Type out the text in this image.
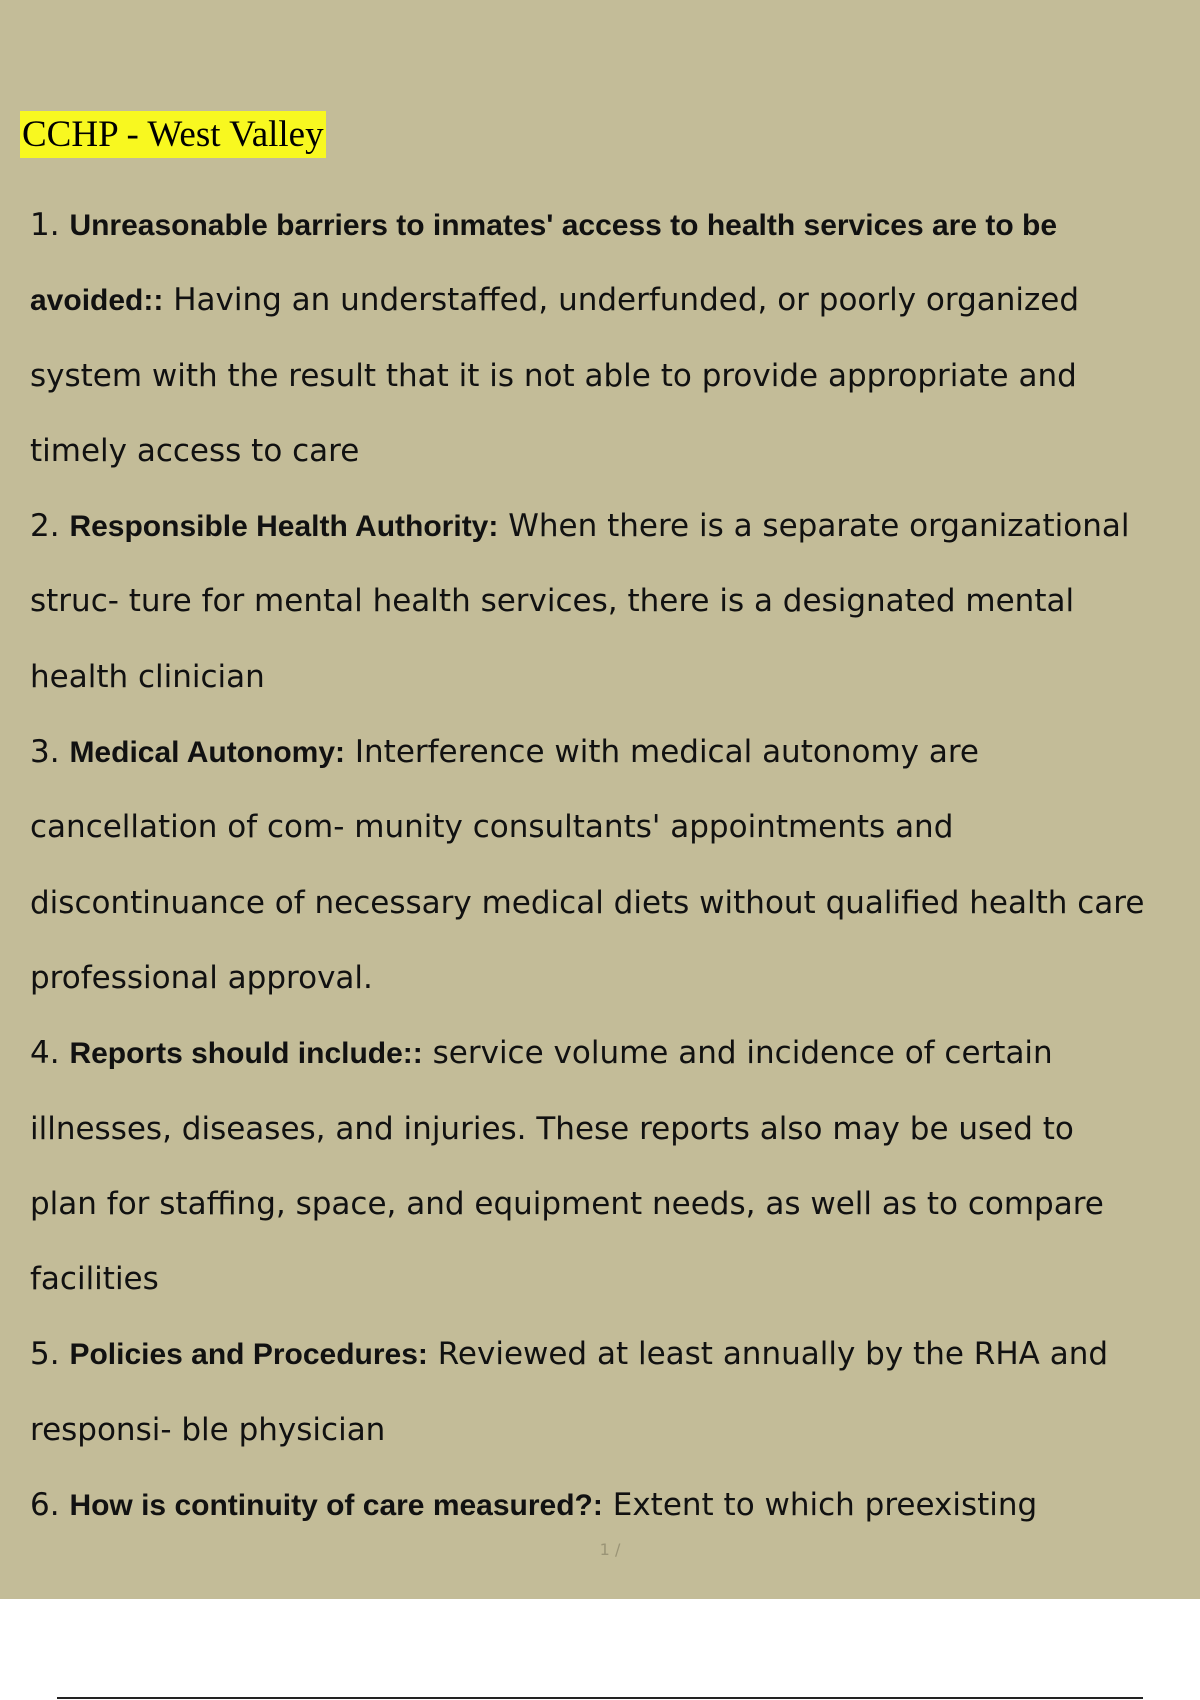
CCHP - West Valley
1. Unreasonable barriers to inmates' access to health services are to be
avoided:: Having an understaffed, underfunded, or poorly organized
system with the result that it is not able to provide appropriate and
timely access to care
2. Responsible Health Authority: When there is a separate organizational
struc- ture for mental health services, there is a designated mental
health clinician
3. Medical Autonomy: Interference with medical autonomy are
cancellation of com- munity consultants' appointments and
discontinuance of necessary medical diets without qualified health care
professional approval.
4. Reports should include:: service volume and incidence of certain
illnesses, diseases, and injuries. These reports also may be used to
plan for staffing, space, and equipment needs, as well as to compare
facilities
5. Policies and Procedures: Reviewed at least annually by the RHA and
responsi- ble physician
6. How is continuity of care measured?: Extent to which preexisting
1 /
